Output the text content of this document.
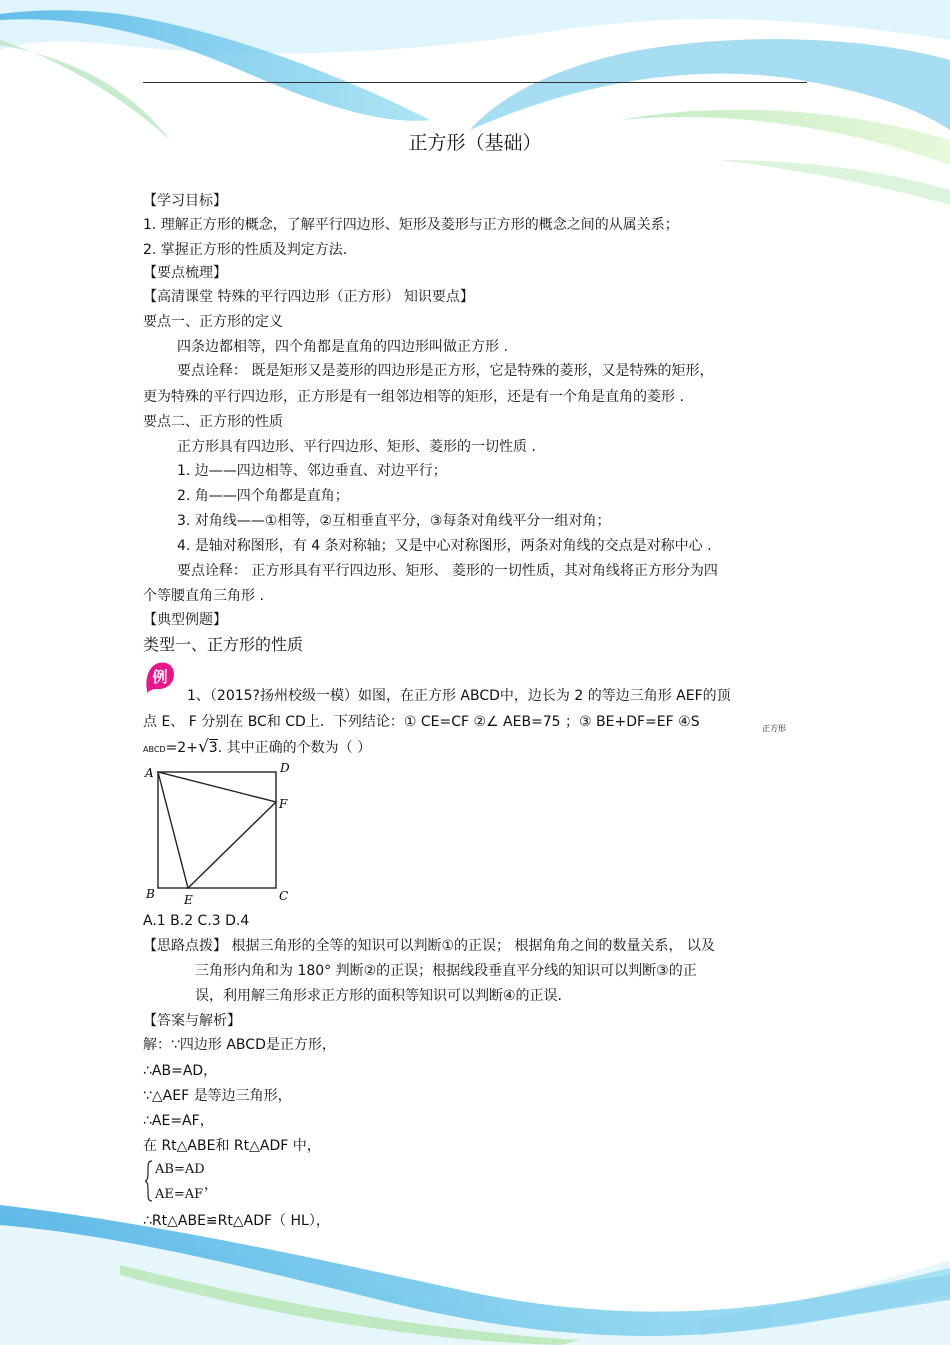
正方形（基础）
【学习目标】
1. 理解正方形的概念，了解平行四边形、矩形及菱形与正方形的概念之间的从属关系；
2. 掌握正方形的性质及判定方法.
【要点梳理】
【高清课堂 特殊的平行四边形（正方形） 知识要点】
要点一、正方形的定义
四条边都相等，四个角都是直角的四边形叫做正方形 .
要点诠释： 既是矩形又是菱形的四边形是正方形，它是特殊的菱形，又是特殊的矩形，
更为特殊的平行四边形，正方形是有一组邻边相等的矩形，还是有一个角是直角的菱形 .
要点二、正方形的性质
正方形具有四边形、平行四边形、矩形、菱形的一切性质 .
1. 边——四边相等、邻边垂直、对边平行；
2. 角——四个角都是直角；
3. 对角线——①相等，②互相垂直平分，③每条对角线平分一组对角；
4. 是轴对称图形，有 4 条对称轴；又是中心对称图形，两条对角线的交点是对称中心 .
要点诠释： 正方形具有平行四边形、矩形、 菱形的一切性质，其对角线将正方形分为四
个等腰直角三角形 .
【典型例题】
类型一、正方形的性质
例
1、（2015?扬州校级一模）如图，在正方形 ABCD中，边长为 2 的等边三角形 AEF的顶
点 E、 F 分别在 BC和 CD上．下列结论：① CE=CF ②∠ AEB=75 ；③ BE+DF=EF ④S	正方形
ABCD=2+√3. 其中正确的个数为（ ）
A	D
F
B E	C
A.1 B.2 C.3 D.4
【思路点拨】 根据三角形的全等的知识可以判断①的正误； 根据角角之间的数量关系， 以及
三角形内角和为 180° 判断②的正误；根据线段垂直平分线的知识可以判断③的正
误，利用解三角形求正方形的面积等知识可以判断④的正误.
【答案与解析】
解：∵四边形 ABCD是正方形，
∴AB=AD，
∵△AEF 是等边三角形，
∴AE=AF，
在 Rt△ABE和 Rt△ADF 中，
AB=AD
AE=AF
，
∴Rt△ABE≌Rt△ADF（ HL），
